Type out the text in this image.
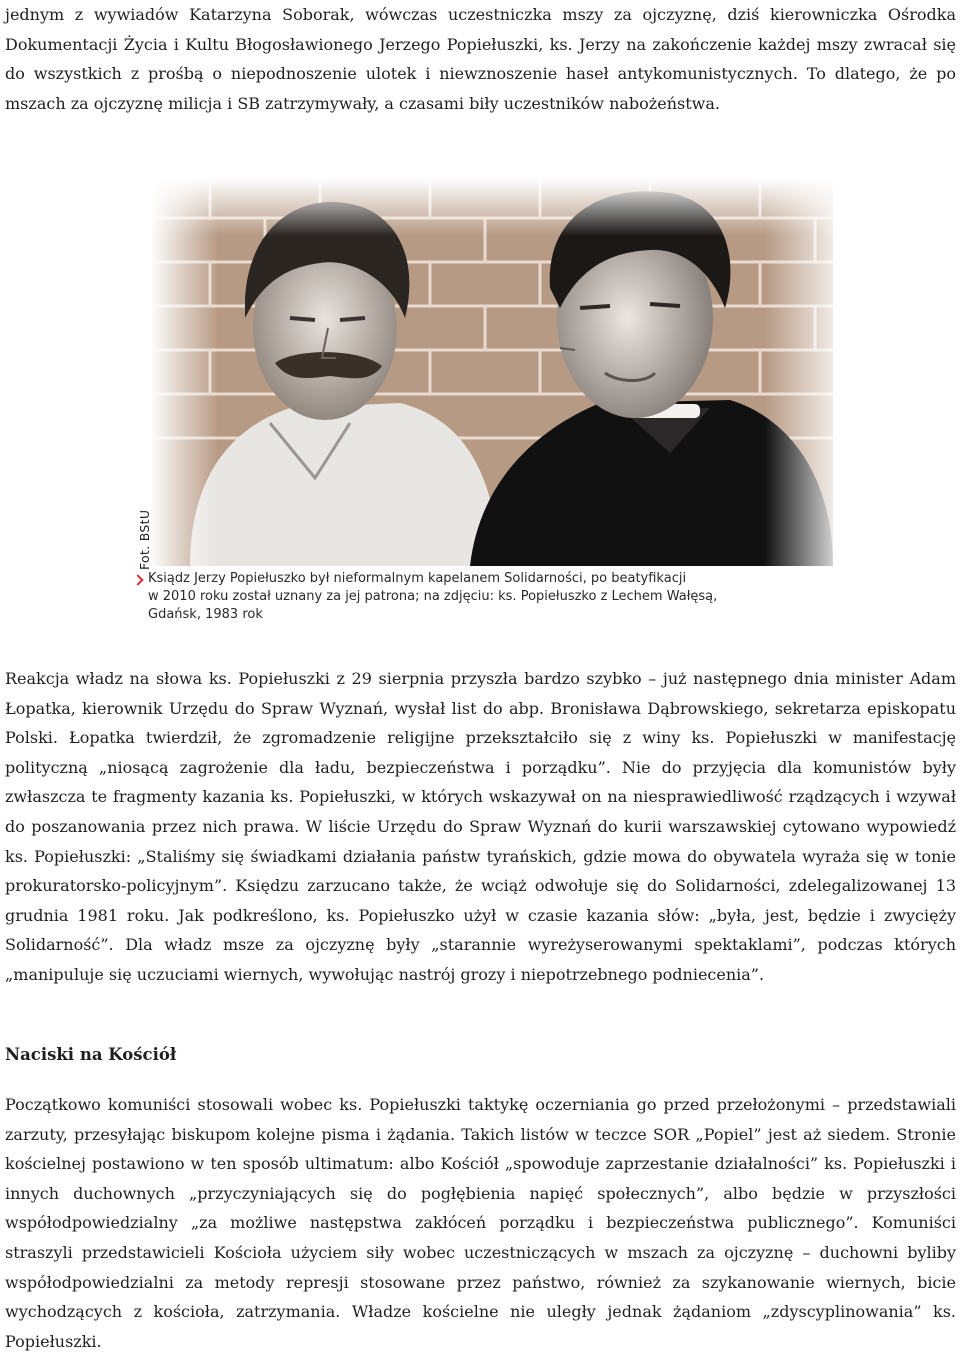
jednym z wywiadów Katarzyna Soborak, wówczas uczestniczka mszy za ojczyznę, dziś kierowniczka Ośrodka Dokumentacji Życia i Kultu Błogosławionego Jerzego Popiełuszki, ks. Jerzy na zakończenie każdej mszy zwracał się do wszystkich z prośbą o niepodnoszenie ulotek i niewznoszenie haseł antykomunistycznych. To dlatego, że po mszach za ojczyznę milicja i SB zatrzymywały, a czasami biły uczestników nabożeństwa.

Fot. BStU
Ksiądz Jerzy Popiełuszko był nieformalnym kapelanem Solidarności, po beatyfikacji
w 2010 roku został uznany za jej patrona; na zdjęciu: ks. Popiełuszko z Lechem Wałęsą,
Gdańsk, 1983 rok

Reakcja władz na słowa ks. Popiełuszki z 29 sierpnia przyszła bardzo szybko – już następnego dnia minister Adam Łopatka, kierownik Urzędu do Spraw Wyznań, wysłał list do abp. Bronisława Dąbrowskiego, sekretarza episkopatu Polski. Łopatka twierdził, że zgromadzenie religijne przekształciło się z winy ks. Popiełuszki w manifestację polityczną „niosącą zagrożenie dla ładu, bezpieczeństwa i porządku”. Nie do przyjęcia dla komunistów były zwłaszcza te fragmenty kazania ks. Popiełuszki, w których wskazywał on na niesprawiedliwość rządzących i wzywał do poszanowania przez nich prawa. W liście Urzędu do Spraw Wyznań do kurii warszawskiej cytowano wypowiedź ks. Popiełuszki: „Staliśmy się świadkami działania państw tyrańskich, gdzie mowa do obywatela wyraża się w tonie prokuratorsko-policyjnym”. Księdzu zarzucano także, że wciąż odwołuje się do Solidarności, zdelegalizowanej 13 grudnia 1981 roku. Jak podkreślono, ks. Popiełuszko użył w czasie kazania słów: „była, jest, będzie i zwycięży Solidarność”. Dla władz msze za ojczyznę były „starannie wyreżyserowanymi spektaklami”, podczas których „manipuluje się uczuciami wiernych, wywołując nastrój grozy i niepotrzebnego podniecenia”.

Naciski na Kościół

Początkowo komuniści stosowali wobec ks. Popiełuszki taktykę oczerniania go przed przełożonymi – przedstawiali zarzuty, przesyłając biskupom kolejne pisma i żądania. Takich listów w teczce SOR „Popiel” jest aż siedem. Stronie kościelnej postawiono w ten sposób ultimatum: albo Kościół „spowoduje zaprzestanie działalności” ks. Popiełuszki i innych duchownych „przyczyniających się do pogłębienia napięć społecznych”, albo będzie w przyszłości współodpowiedzialny „za możliwe następstwa zakłóceń porządku i bezpieczeństwa publicznego”. Komuniści straszyli przedstawicieli Kościoła użyciem siły wobec uczestniczących w mszach za ojczyznę – duchowni byliby współodpowiedzialni za metody represji stosowane przez państwo, również za szykanowanie wiernych, bicie wychodzących z kościoła, zatrzymania. Władze kościelne nie uległy jednak żądaniom „zdyscyplinowania” ks. Popiełuszki.
